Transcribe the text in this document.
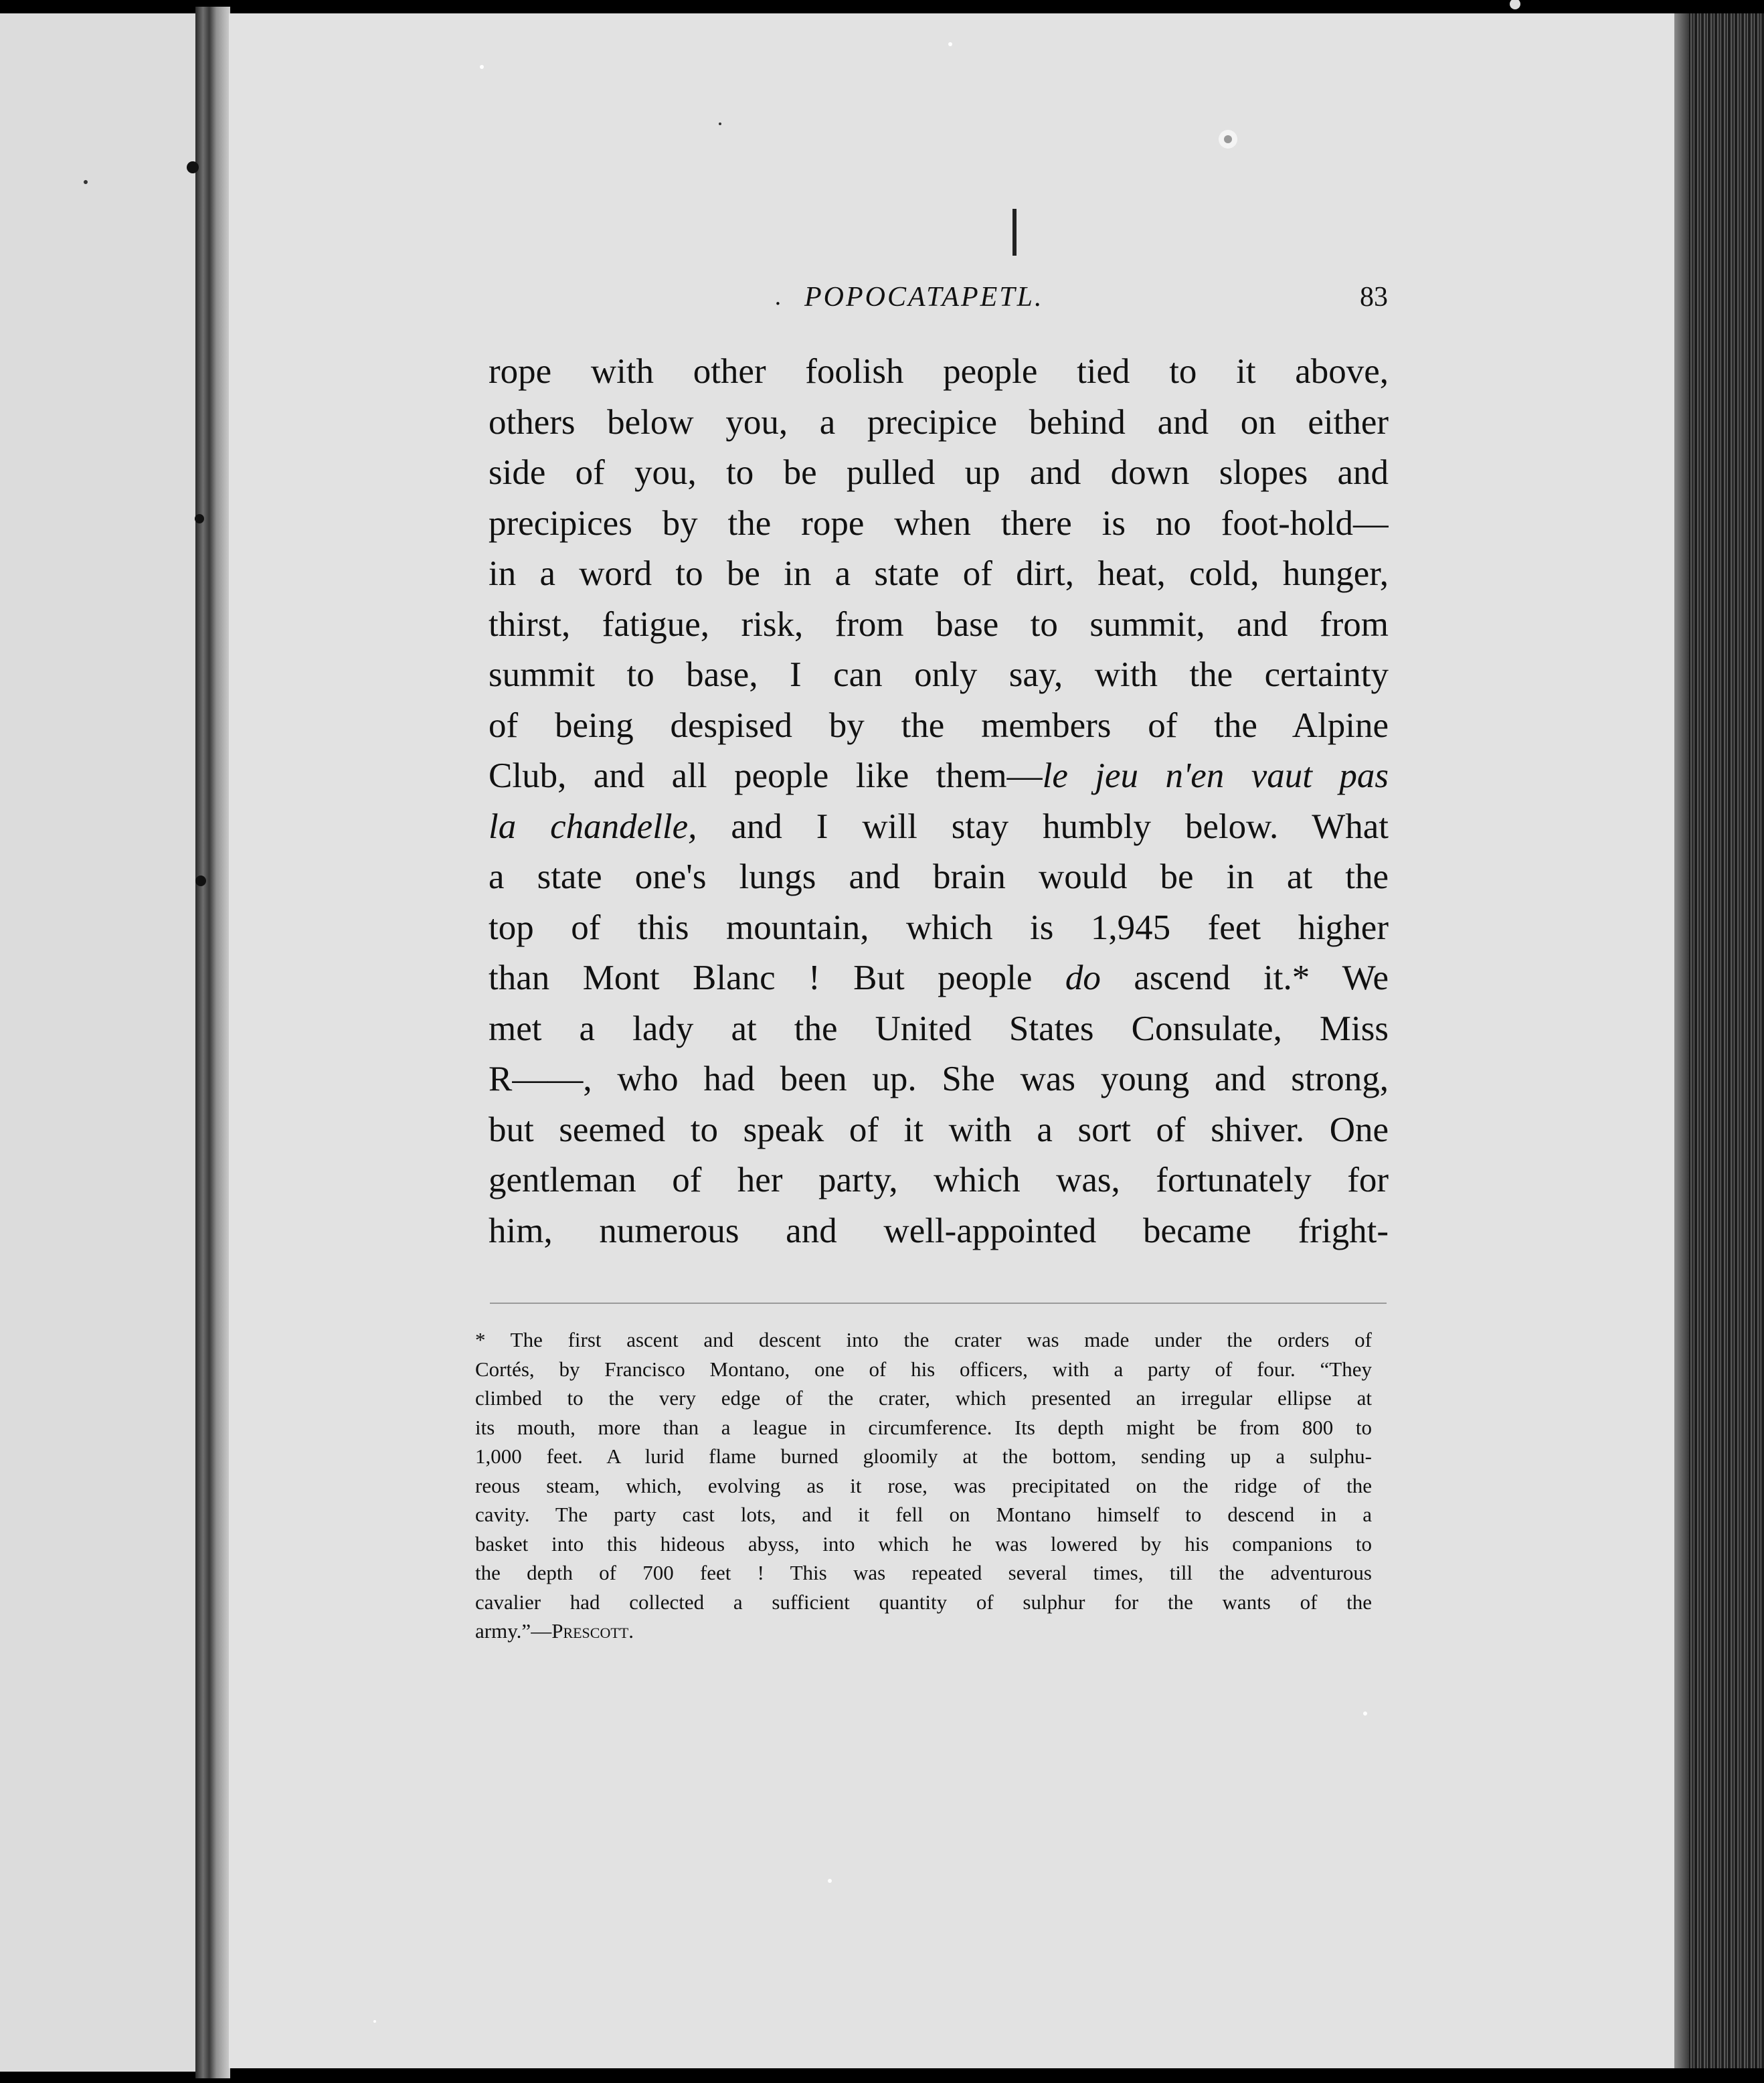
. POPOCATAPETL.	83
rope with other foolish people tied to it above,
others below you, a precipice behind and on either
side of you, to be pulled up and down slopes and
precipices by the rope when there is no foot-hold—
in a word to be in a state of dirt, heat, cold, hunger,
thirst, fatigue, risk, from base to summit, and from
summit to base, I can only say, with the certainty
of being despised by the members of the Alpine
Club, and all people like them—le jeu n'en vaut pas
la chandelle, and I will stay humbly below. What
a state one's lungs and brain would be in at the
top of this mountain, which is 1,945 feet higher
than Mont Blanc ! But people do ascend it.* We
met a lady at the United States Consulate, Miss
R——, who had been up. She was young and strong,
but seemed to speak of it with a sort of shiver. One
gentleman of her party, which was, fortunately for
him, numerous and well-appointed became fright-
* The first ascent and descent into the crater was made under the orders of
Cortés, by Francisco Montano, one of his officers, with a party of four. “They
climbed to the very edge of the crater, which presented an irregular ellipse at
its mouth, more than a league in circumference. Its depth might be from 800 to
1,000 feet. A lurid flame burned gloomily at the bottom, sending up a sulphu-
reous steam, which, evolving as it rose, was precipitated on the ridge of the
cavity. The party cast lots, and it fell on Montano himself to descend in a
basket into this hideous abyss, into which he was lowered by his companions to
the depth of 700 feet ! This was repeated several times, till the adventurous
cavalier had collected a sufficient quantity of sulphur for the wants of the
army.”—Prescott.
